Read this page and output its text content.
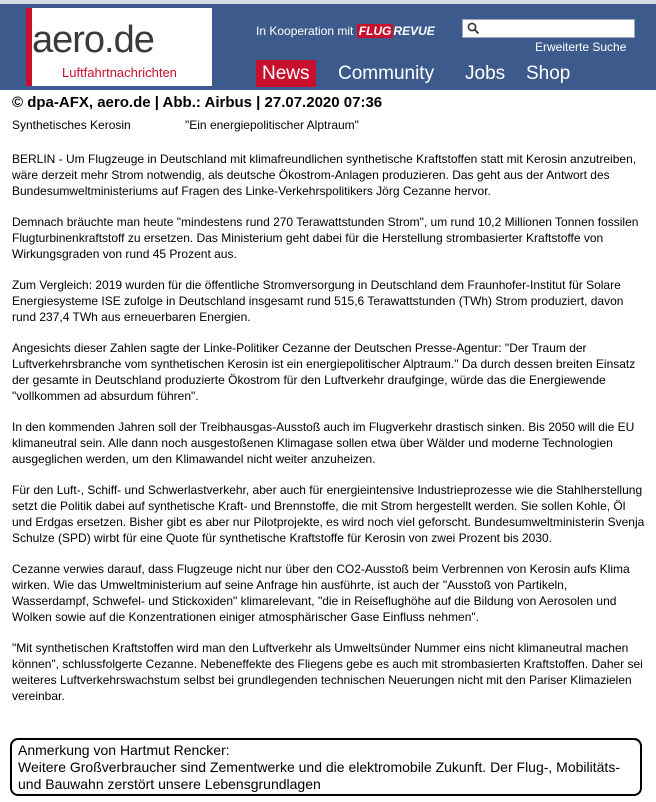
aero.de
Luftfahrtnachrichten
In Kooperation mit FLUG REVUE
Erweiterte Suche
News	Community	Jobs	Shop
© dpa-AFX, aero.de | Abb.: Airbus | 27.07.2020 07:36
Synthetisches Kerosin	"Ein energiepolitischer Alptraum"

BERLIN - Um Flugzeuge in Deutschland mit klimafreundlichen synthetische Kraftstoffen statt mit Kerosin anzutreiben, wäre derzeit mehr Strom notwendig, als deutsche Ökostrom-Anlagen produzieren. Das geht aus der Antwort des Bundesumweltministeriums auf Fragen des Linke-Verkehrspolitikers Jörg Cezanne hervor.

Demnach bräuchte man heute "mindestens rund 270 Terawattstunden Strom", um rund 10,2 Millionen Tonnen fossilen Flugturbinenkraftstoff zu ersetzen. Das Ministerium geht dabei für die Herstellung strombasierter Kraftstoffe von Wirkungsgraden von rund 45 Prozent aus.

Zum Vergleich: 2019 wurden für die öffentliche Stromversorgung in Deutschland dem Fraunhofer-Institut für Solare Energiesysteme ISE zufolge in Deutschland insgesamt rund 515,6 Terawattstunden (TWh) Strom produziert, davon rund 237,4 TWh aus erneuerbaren Energien.

Angesichts dieser Zahlen sagte der Linke-Politiker Cezanne der Deutschen Presse-Agentur: "Der Traum der Luftverkehrsbranche vom synthetischen Kerosin ist ein energiepolitischer Alptraum." Da durch dessen breiten Einsatz der gesamte in Deutschland produzierte Ökostrom für den Luftverkehr draufginge, würde das die Energiewende "vollkommen ad absurdum führen".

In den kommenden Jahren soll der Treibhausgas-Ausstoß auch im Flugverkehr drastisch sinken. Bis 2050 will die EU klimaneutral sein. Alle dann noch ausgestoßenen Klimagase sollen etwa über Wälder und moderne Technologien ausgeglichen werden, um den Klimawandel nicht weiter anzuheizen.

Für den Luft-, Schiff- und Schwerlastverkehr, aber auch für energieintensive Industrieprozesse wie die Stahlherstellung setzt die Politik dabei auf synthetische Kraft- und Brennstoffe, die mit Strom hergestellt werden. Sie sollen Kohle, Öl und Erdgas ersetzen. Bisher gibt es aber nur Pilotprojekte, es wird noch viel geforscht. Bundesumweltministerin Svenja Schulze (SPD) wirbt für eine Quote für synthetische Kraftstoffe für Kerosin von zwei Prozent bis 2030.

Cezanne verwies darauf, dass Flugzeuge nicht nur über den CO2-Ausstoß beim Verbrennen von Kerosin aufs Klima wirken. Wie das Umweltministerium auf seine Anfrage hin ausführte, ist auch der "Ausstoß von Partikeln, Wasserdampf, Schwefel- und Stickoxiden" klimarelevant, "die in Reiseflughöhe auf die Bildung von Aerosolen und Wolken sowie auf die Konzentrationen einiger atmosphärischer Gase Einfluss nehmen".

"Mit synthetischen Kraftstoffen wird man den Luftverkehr als Umweltsünder Nummer eins nicht klimaneutral machen können", schlussfolgerte Cezanne. Nebeneffekte des Fliegens gebe es auch mit strombasierten Kraftstoffen. Daher sei weiteres Luftverkehrswachstum selbst bei grundlegenden technischen Neuerungen nicht mit den Pariser Klimazielen vereinbar.

Anmerkung von Hartmut Rencker:
Weitere Großverbraucher sind Zementwerke und die elektromobile Zukunft. Der Flug-, Mobilitäts- und Bauwahn zerstört unsere Lebensgrundlagen
